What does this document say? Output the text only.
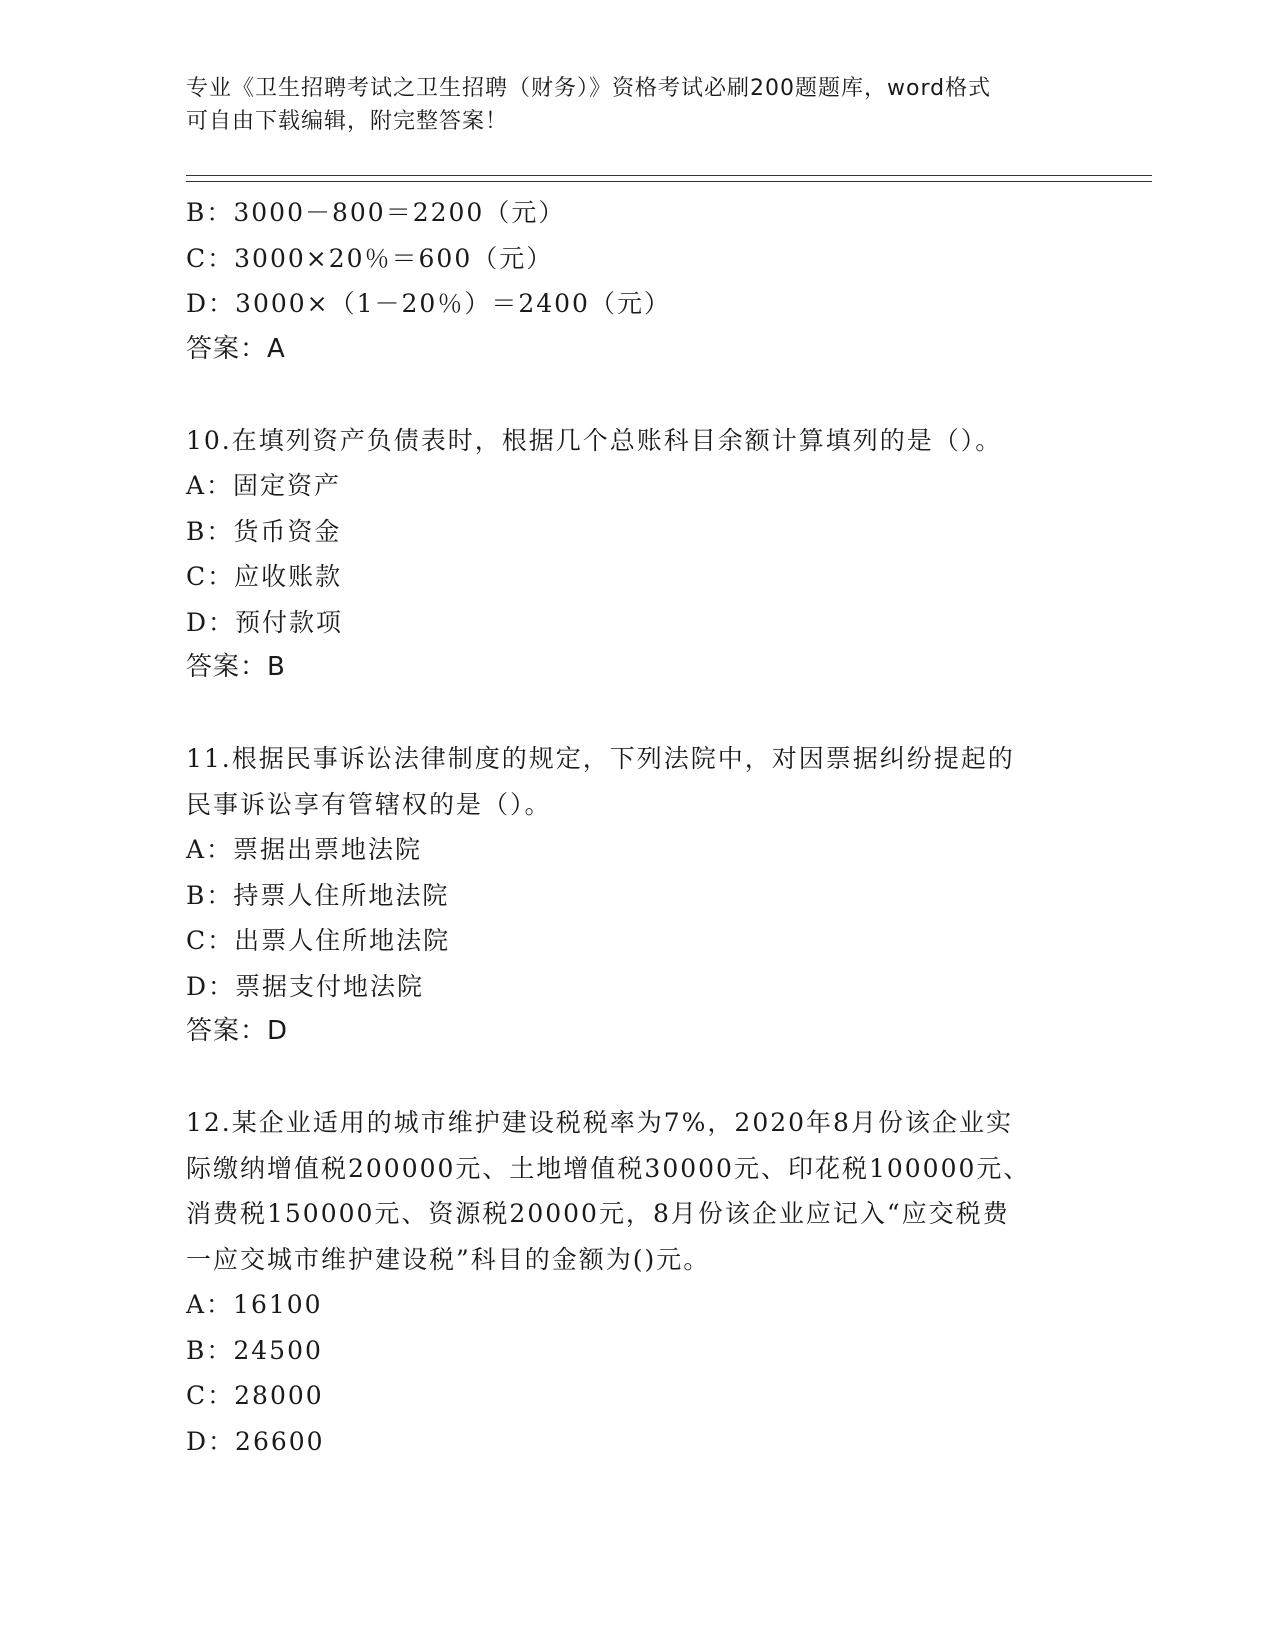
专业《卫生招聘考试之卫生招聘（财务）》资格考试必刷200题题库，word格式
可自由下载编辑，附完整答案！
B：3000－800＝2200（元）
C：3000×20％＝600（元）
D：3000×（1－20％）＝2400（元）
答案：A
10.在填列资产负债表时，根据几个总账科目余额计算填列的是（）。
A：固定资产
B：货币资金
C：应收账款
D：预付款项
答案：B
11.根据民事诉讼法律制度的规定，下列法院中，对因票据纠纷提起的
民事诉讼享有管辖权的是（）。
A：票据出票地法院
B：持票人住所地法院
C：出票人住所地法院
D：票据支付地法院
答案：D
12.某企业适用的城市维护建设税税率为7%，2020年8月份该企业实
际缴纳增值税200000元、土地增值税30000元、印花税100000元、
消费税150000元、资源税20000元，8月份该企业应记入“应交税费
一应交城市维护建设税”科目的金额为()元。
A：16100
B：24500
C：28000
D：26600
